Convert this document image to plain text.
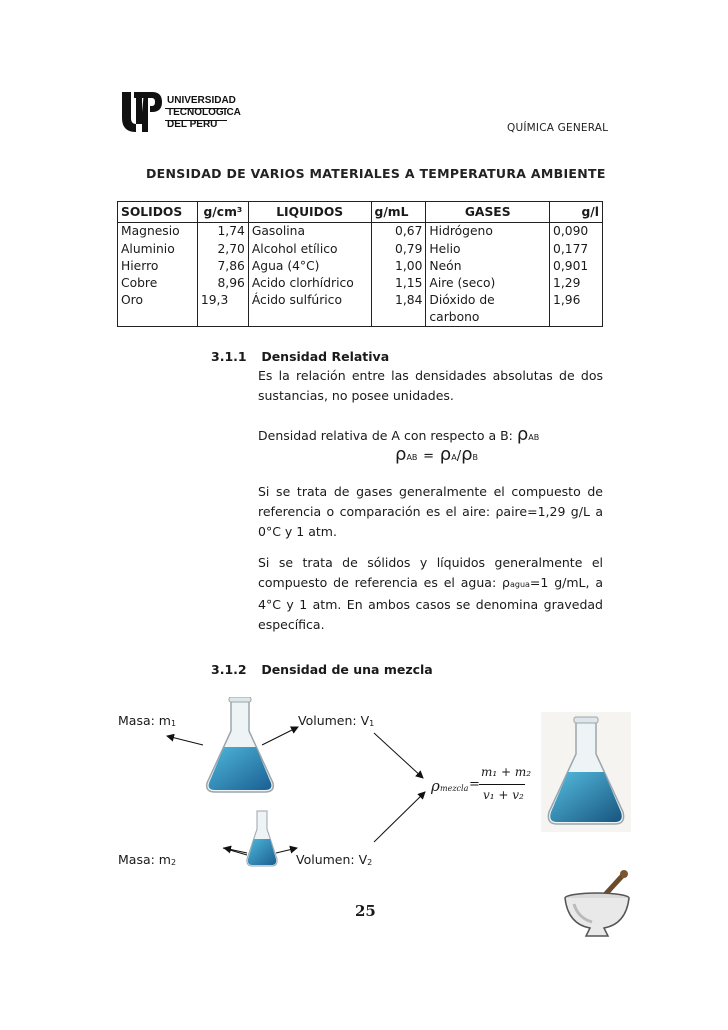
UNIVERSIDAD
TECNOLOGICA
DEL PERU	QUÍMICA GENERAL
DENSIDAD DE VARIOS MATERIALES A TEMPERATURA AMBIENTE
SOLIDOS	g/cm³	LIQUIDOS	g/mL	GASES	g/l
Magnesio	1,74	Gasolina	0,67	Hidrógeno	0,090
Aluminio	2,70	Alcohol etílico	0,79	Helio	0,177
Hierro	7,86	Agua (4°C)	1,00	Neón	0,901
Cobre	8,96	Acido clorhídrico	1,15	Aire (seco)	1,29
Oro	19,3	Ácido sulfúrico	1,84	Dióxido de	1,96
				carbono	
3.1.1 Densidad Relativa
Es la relación entre las densidades absolutas de dos sustancias, no posee unidades.
Densidad relativa de A con respecto a B: ρAB
ρAB = ρA/ρB
Si se trata de gases generalmente el compuesto de referencia o comparación es el aire: ρaire=1,29 g/L a 0°C y 1 atm.
Si se trata de sólidos y líquidos generalmente el compuesto de referencia es el agua: ρagua=1 g/mL, a 4°C y 1 atm. En ambos casos se denomina gravedad específica.
3.1.2 Densidad de una mezcla
Masa: $m_1$	Volumen: $V_1$
Masa: $m_2$	Volumen: $V_2$
ρ mezcla =
m₁ + m₂
v₁ + v₂
25
